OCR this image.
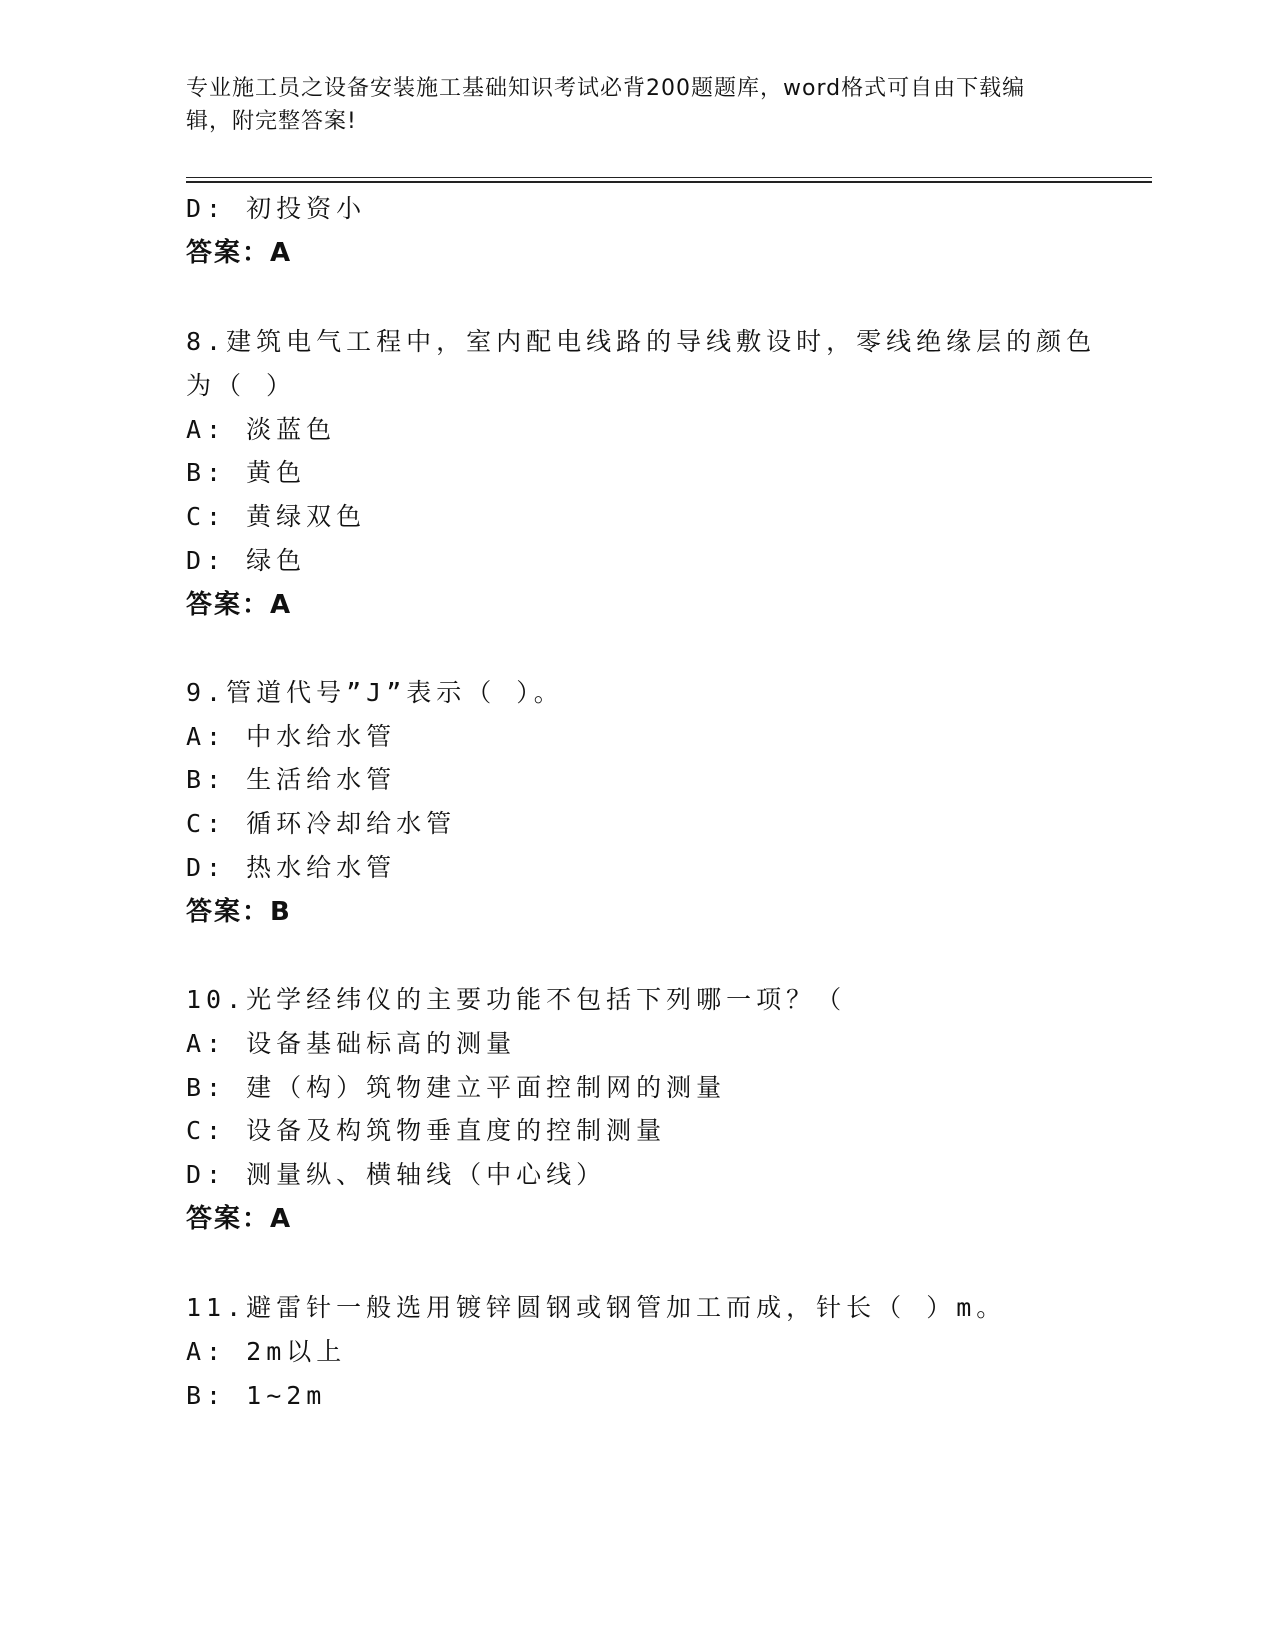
专业施工员之设备安装施工基础知识考试必背200题题库，word格式可自由下载编辑，附完整答案!
D: 初投资小
答案：A
8.建筑电气工程中，室内配电线路的导线敷设时，零线绝缘层的颜色
为（ ）
A: 淡蓝色
B: 黄色
C: 黄绿双色
D: 绿色
答案：A
9.管道代号”J”表示（ ）。
A: 中水给水管
B: 生活给水管
C: 循环冷却给水管
D: 热水给水管
答案：B
10.光学经纬仪的主要功能不包括下列哪一项？（
A: 设备基础标高的测量
B: 建（构）筑物建立平面控制网的测量
C: 设备及构筑物垂直度的控制测量
D: 测量纵、横轴线（中心线）
答案：A
11.避雷针一般选用镀锌圆钢或钢管加工而成，针长（ ）m。
A: 2m以上
B: 1~2m
